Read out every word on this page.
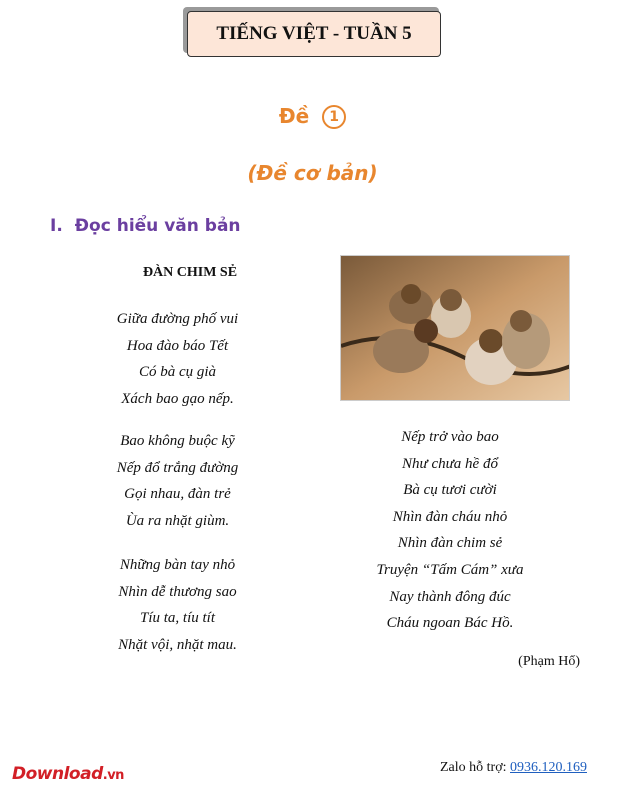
TIẾNG VIỆT - TUẦN 5
Đề 1
(Đề cơ bản)
I. Đọc hiểu văn bản
ĐÀN CHIM SẺ
Giữa đường phố vui
Hoa đào báo Tết
Có bà cụ già
Xách bao gạo nếp.
Bao không buộc kỹ
Nếp đổ trắng đường
Gọi nhau, đàn trẻ
Ùa ra nhặt giùm.
Những bàn tay nhỏ
Nhìn dễ thương sao
Tíu ta, tíu tít
Nhặt vội, nhặt mau.
Nếp trở vào bao
Như chưa hề đổ
Bà cụ tươi cười
Nhìn đàn cháu nhỏ
Nhìn đàn chim sẻ
Truyện “Tấm Cám” xưa
Nay thành đông đúc
Cháu ngoan Bác Hồ.
(Phạm Hổ)
Download.vn
Zalo hỗ trợ: 0936.120.169
